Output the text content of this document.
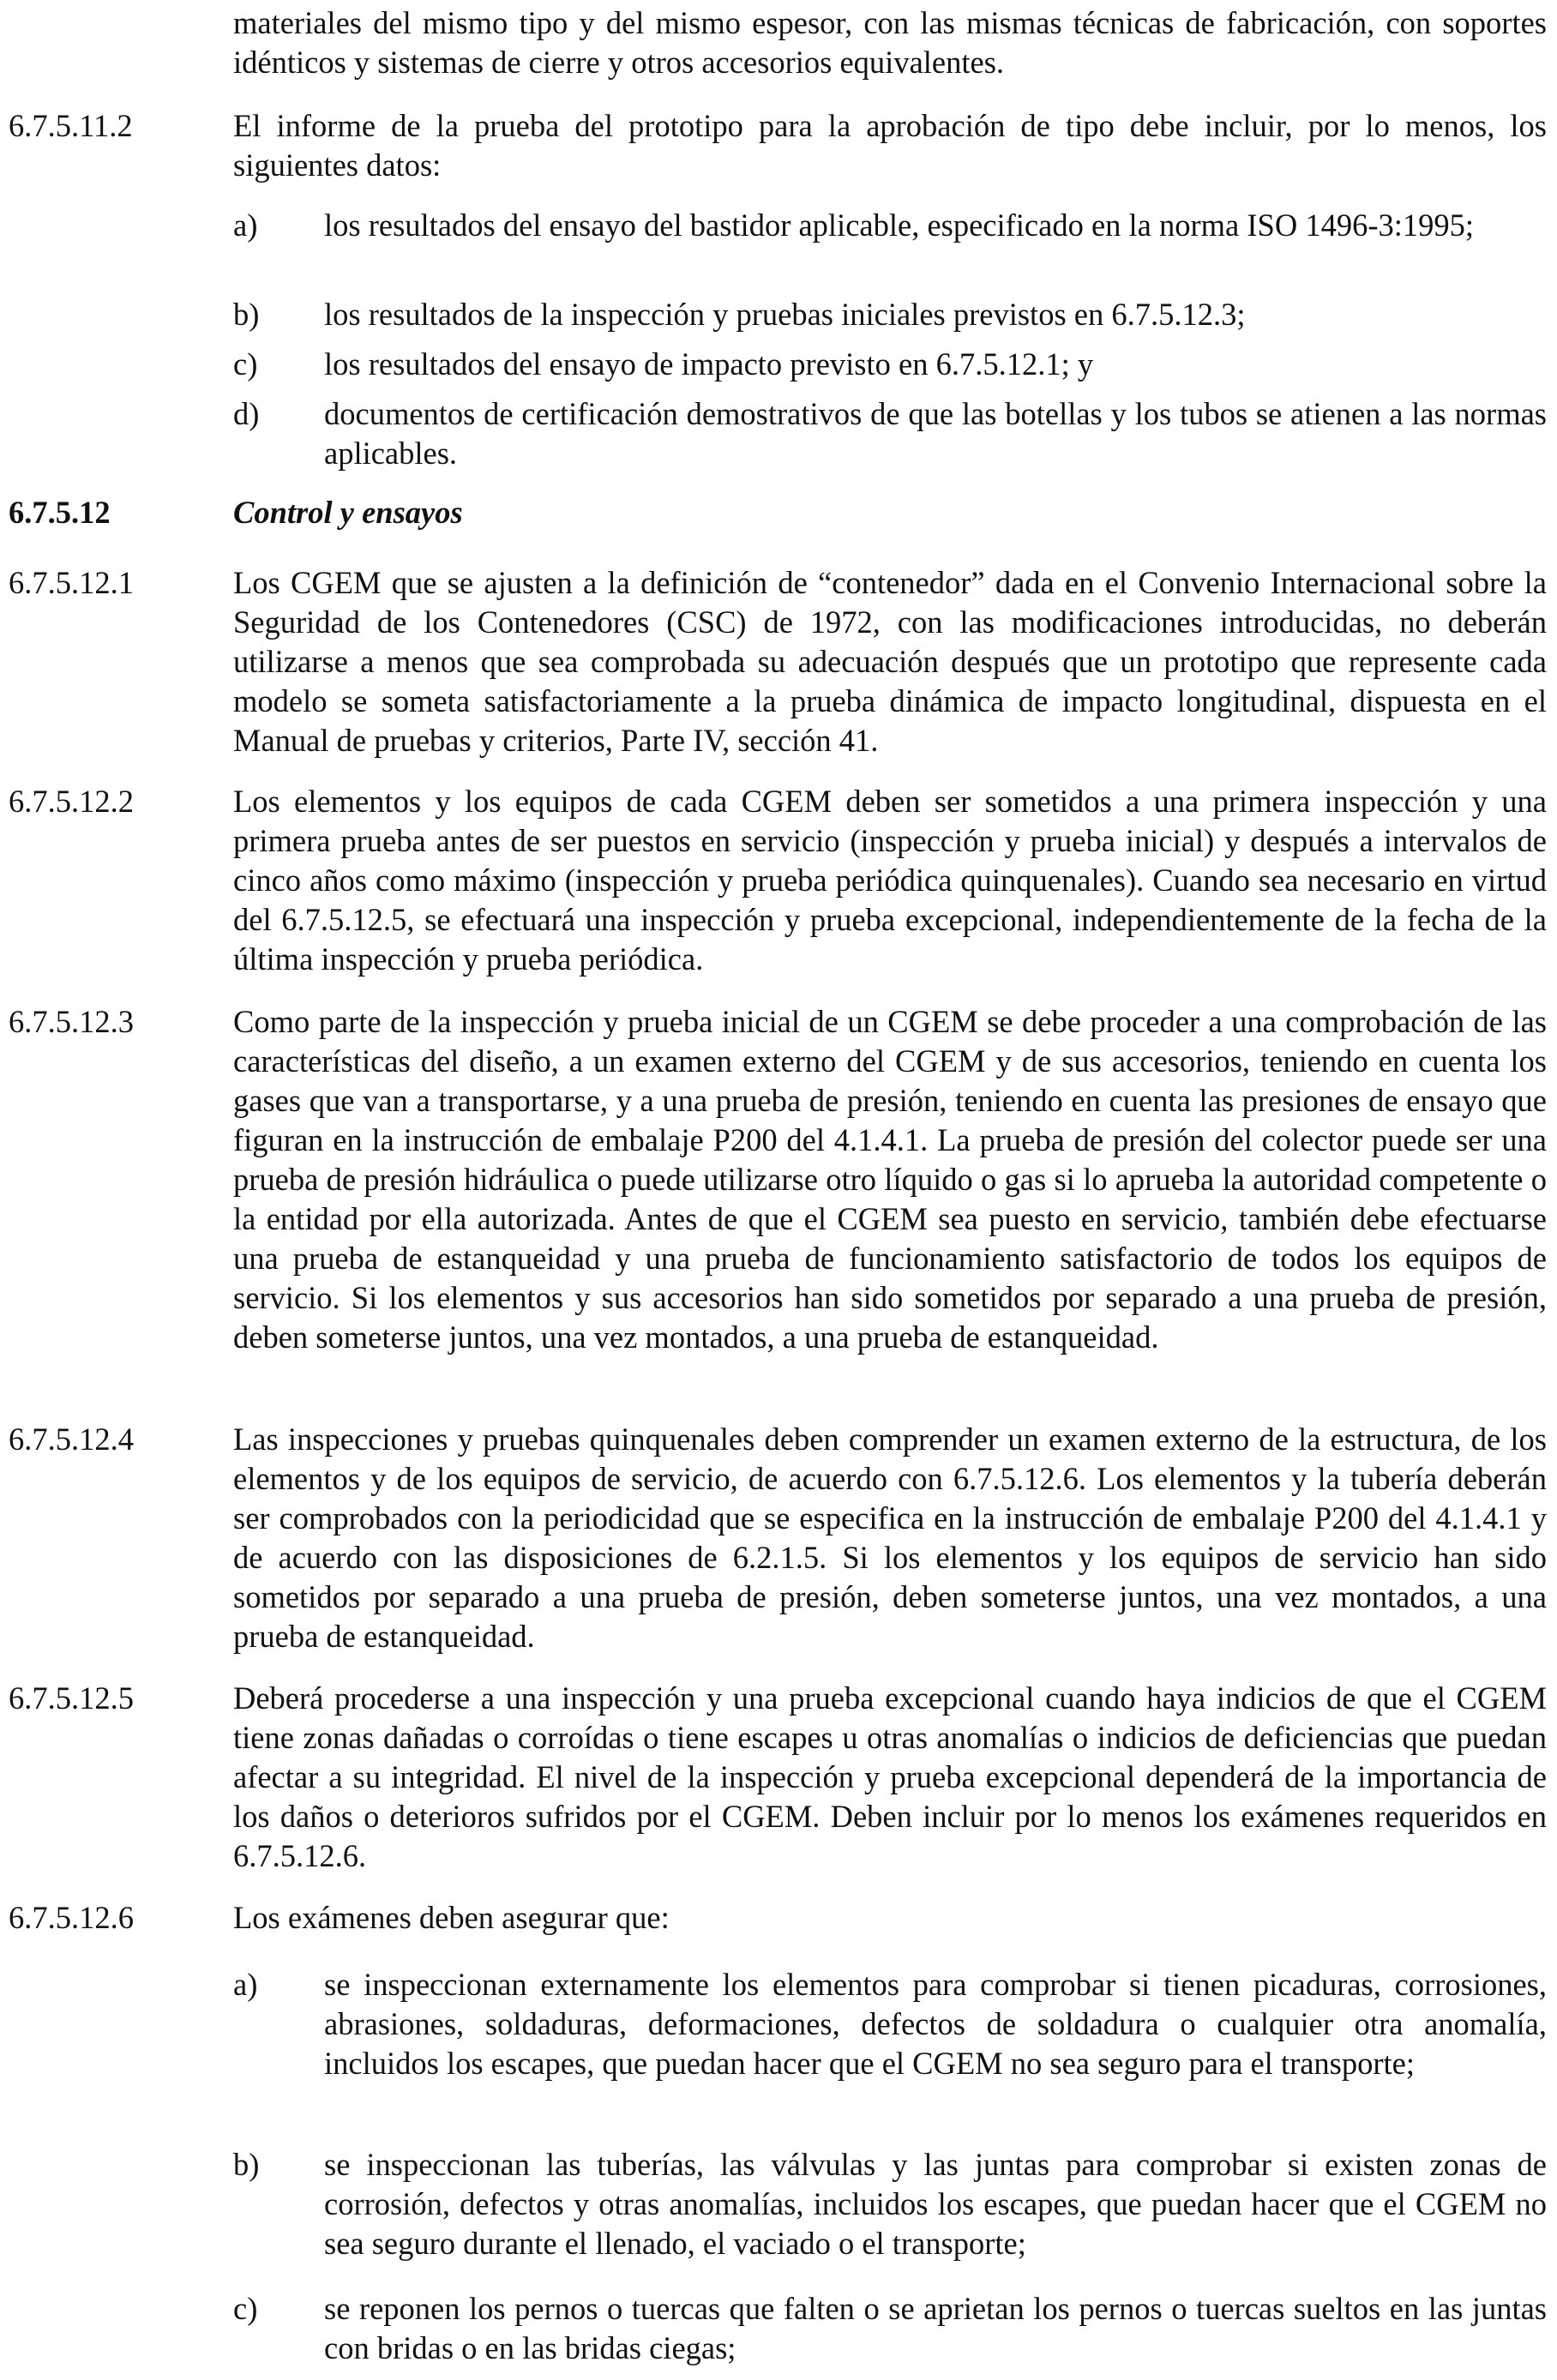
materiales del mismo tipo y del mismo espesor, con las mismas técnicas de fabricación, con soportes idénticos y sistemas de cierre y otros accesorios equivalentes.
6.7.5.11.2	El informe de la prueba del prototipo para la aprobación de tipo debe incluir, por lo menos, los siguientes datos:
a)	los resultados del ensayo del bastidor aplicable, especificado en la norma ISO 1496-3:1995;
b)	los resultados de la inspección y pruebas iniciales previstos en 6.7.5.12.3;
c)	los resultados del ensayo de impacto previsto en 6.7.5.12.1; y
d)	documentos de certificación demostrativos de que las botellas y los tubos se atienen a las normas aplicables.
6.7.5.12	Control y ensayos
6.7.5.12.1	Los CGEM que se ajusten a la definición de “contenedor” dada en el Convenio Internacional sobre la Seguridad de los Contenedores (CSC) de 1972, con las modificaciones introducidas, no deberán utilizarse a menos que sea comprobada su adecuación después que un prototipo que represente cada modelo se someta satisfactoriamente a la prueba dinámica de impacto longitudinal, dispuesta en el Manual de pruebas y criterios, Parte IV, sección 41.
6.7.5.12.2	Los elementos y los equipos de cada CGEM deben ser sometidos a una primera inspección y una primera prueba antes de ser puestos en servicio (inspección y prueba inicial) y después a intervalos de cinco años como máximo (inspección y prueba periódica quinquenales). Cuando sea necesario en virtud del 6.7.5.12.5, se efectuará una inspección y prueba excepcional, independientemente de la fecha de la última inspección y prueba periódica.
6.7.5.12.3	Como parte de la inspección y prueba inicial de un CGEM se debe proceder a una comprobación de las características del diseño, a un examen externo del CGEM y de sus accesorios, teniendo en cuenta los gases que van a transportarse, y a una prueba de presión, teniendo en cuenta las presiones de ensayo que figuran en la instrucción de embalaje P200 del 4.1.4.1. La prueba de presión del colector puede ser una prueba de presión hidráulica o puede utilizarse otro líquido o gas si lo aprueba la autoridad competente o la entidad por ella autorizada. Antes de que el CGEM sea puesto en servicio, también debe efectuarse una prueba de estanqueidad y una prueba de funcionamiento satisfactorio de todos los equipos de servicio. Si los elementos y sus accesorios han sido sometidos por separado a una prueba de presión, deben someterse juntos, una vez montados, a una prueba de estanqueidad.
6.7.5.12.4	Las inspecciones y pruebas quinquenales deben comprender un examen externo de la estructura, de los elementos y de los equipos de servicio, de acuerdo con 6.7.5.12.6. Los elementos y la tubería deberán ser comprobados con la periodicidad que se especifica en la instrucción de embalaje P200 del 4.1.4.1 y de acuerdo con las disposiciones de 6.2.1.5. Si los elementos y los equipos de servicio han sido sometidos por separado a una prueba de presión, deben someterse juntos, una vez montados, a una prueba de estanqueidad.
6.7.5.12.5	Deberá procederse a una inspección y una prueba excepcional cuando haya indicios de que el CGEM tiene zonas dañadas o corroídas o tiene escapes u otras anomalías o indicios de deficiencias que puedan afectar a su integridad. El nivel de la inspección y prueba excepcional dependerá de la importancia de los daños o deterioros sufridos por el CGEM. Deben incluir por lo menos los exámenes requeridos en 6.7.5.12.6.
6.7.5.12.6	Los exámenes deben asegurar que:
a)	se inspeccionan externamente los elementos para comprobar si tienen picaduras, corrosiones, abrasiones, soldaduras, deformaciones, defectos de soldadura o cualquier otra anomalía, incluidos los escapes, que puedan hacer que el CGEM no sea seguro para el transporte;
b)	se inspeccionan las tuberías, las válvulas y las juntas para comprobar si existen zonas de corrosión, defectos y otras anomalías, incluidos los escapes, que puedan hacer que el CGEM no sea seguro durante el llenado, el vaciado o el transporte;
c)	se reponen los pernos o tuercas que falten o se aprietan los pernos o tuercas sueltos en las juntas con bridas o en las bridas ciegas;
